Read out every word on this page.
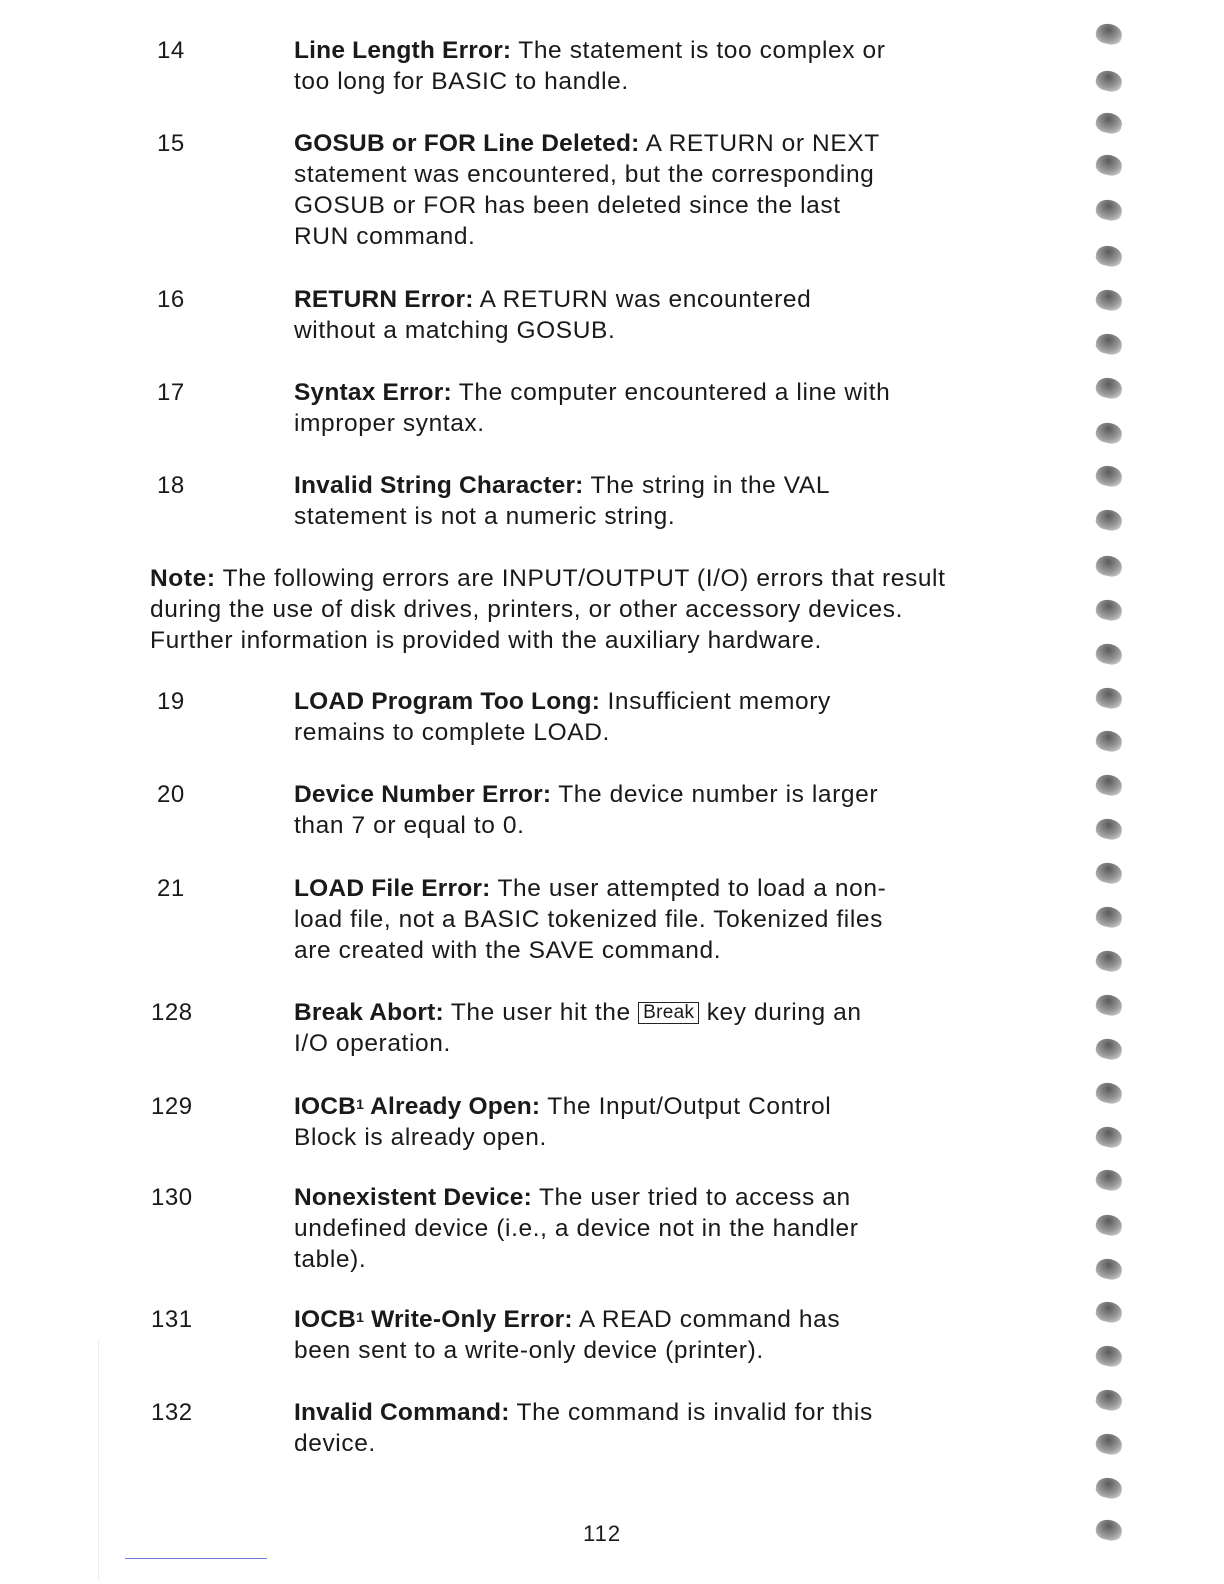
14	Line Length Error: The statement is too complex or
too long for BASIC to handle.
15	GOSUB or FOR Line Deleted: A RETURN or NEXT
statement was encountered, but the corresponding
GOSUB or FOR has been deleted since the last
RUN command.
16	RETURN Error: A RETURN was encountered
without a matching GOSUB.
17	Syntax Error: The computer encountered a line with
improper syntax.
18	Invalid String Character: The string in the VAL
statement is not a numeric string.
Note: The following errors are INPUT/OUTPUT (I/O) errors that result
during the use of disk drives, printers, or other accessory devices.
Further information is provided with the auxiliary hardware.
19	LOAD Program Too Long: Insufficient memory
remains to complete LOAD.
20	Device Number Error: The device number is larger
than 7 or equal to 0.
21	LOAD File Error: The user attempted to load a non-
load file, not a BASIC tokenized file. Tokenized files
are created with the SAVE command.
128	Break Abort: The user hit the Break key during an
I/O operation.
129	IOCB$^1$ Already Open: The Input/Output Control
Block is already open.
130	Nonexistent Device: The user tried to access an
undefined device (i.e., a device not in the handler
table).
131	IOCB$^1$ Write-Only Error: A READ command has
been sent to a write-only device (printer).
132	Invalid Command: The command is invalid for this
device.
112
